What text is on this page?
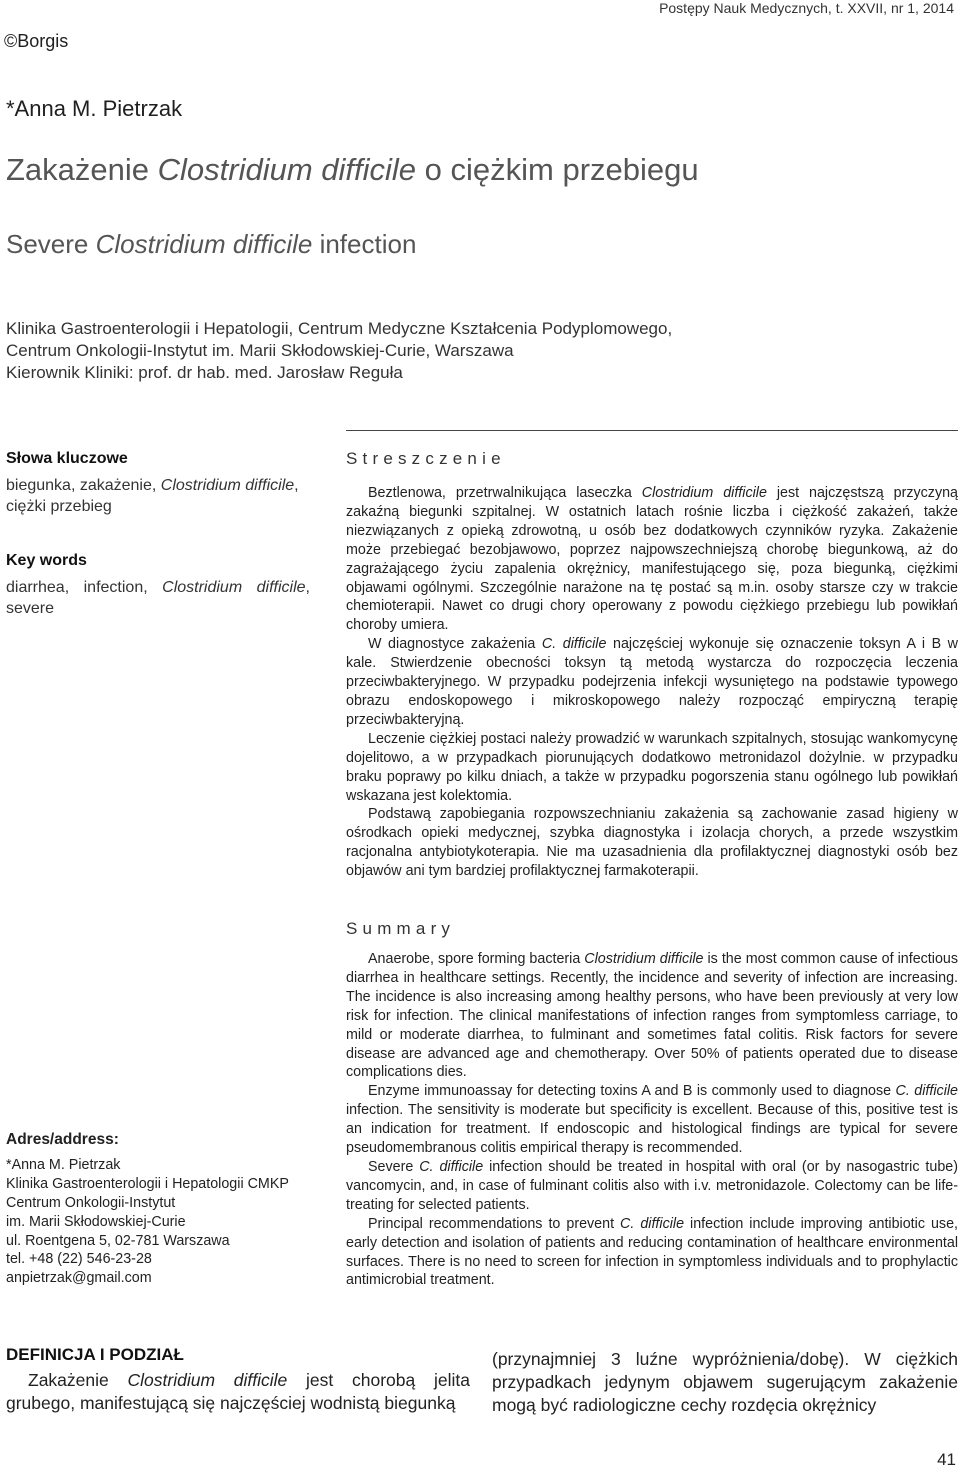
Postępy Nauk Medycznych, t. XXVII, nr 1, 2014
©Borgis
*Anna M. Pietrzak
Zakażenie Clostridium difficile o ciężkim przebiegu
Severe Clostridium difficile infection
Klinika Gastroenterologii i Hepatologii, Centrum Medyczne Kształcenia Podyplomowego,
Centrum Onkologii-Instytut im. Marii Skłodowskiej-Curie, Warszawa
Kierownik Kliniki: prof. dr hab. med. Jarosław Reguła
Słowa kluczowe
biegunka, zakażenie, Clostridium difficile,
ciężki przebieg
Key words
diarrhea, infection, Clostridium difficile,
severe
Streszczenie

Beztlenowa, przetrwalnikująca laseczka Clostridium difficile jest najczęstszą przyczyną zakaźną biegunki szpitalnej. W ostatnich latach rośnie liczba i ciężkość zakażeń, także niezwiązanych z opieką zdrowotną, u osób bez dodatkowych czynników ryzyka. Zakażenie może przebiegać bezobjawowo, poprzez najpowszechniejszą chorobę biegunkową, aż do zagrażającego życiu zapalenia okrężnicy, manifestującego się, poza biegunką, ciężkimi objawami ogólnymi. Szczególnie narażone na tę postać są m.in. osoby starsze czy w trakcie chemioterapii. Nawet co drugi chory operowany z powodu ciężkiego przebiegu lub powikłań choroby umiera.

W diagnostyce zakażenia C. difficile najczęściej wykonuje się oznaczenie toksyn A i B w kale. Stwierdzenie obecności toksyn tą metodą wystarcza do rozpoczęcia leczenia przeciwbakteryjnego. W przypadku podejrzenia infekcji wysuniętego na podstawie typowego obrazu endoskopowego i mikroskopowego należy rozpocząć empiryczną terapię przeciwbakteryjną.

Leczenie ciężkiej postaci należy prowadzić w warunkach szpitalnych, stosując wankomycynę dojelitowo, a w przypadkach piorunujących dodatkowo metronidazol dożylnie. w przypadku braku poprawy po kilku dniach, a także w przypadku pogorszenia stanu ogólnego lub powikłań wskazana jest kolektomia.

Podstawą zapobiegania rozpowszechnianiu zakażenia są zachowanie zasad higieny w ośrodkach opieki medycznej, szybka diagnostyka i izolacja chorych, a przede wszystkim racjonalna antybiotykoterapia. Nie ma uzasadnienia dla profilaktycznej diagnostyki osób bez objawów ani tym bardziej profilaktycznej farmakoterapii.

Summary

Anaerobe, spore forming bacteria Clostridium difficile is the most common cause of infectious diarrhea in healthcare settings. Recently, the incidence and severity of infection are increasing. The incidence is also increasing among healthy persons, who have been previously at very low risk for infection. The clinical manifestations of infection ranges from symptomless carriage, to mild or moderate diarrhea, to fulminant and sometimes fatal colitis. Risk factors for severe disease are advanced age and chemotherapy. Over 50% of patients operated due to disease complications dies.

Enzyme immunoassay for detecting toxins A and B is commonly used to diagnose C. difficile infection. The sensitivity is moderate but specificity is excellent. Because of this, positive test is an indication for treatment. If endoscopic and histological findings are typical for severe pseudomembranous colitis empirical therapy is recommended.

Severe C. difficile infection should be treated in hospital with oral (or by nasogastric tube) vancomycin, and, in case of fulminant colitis also with i.v. metronidazole. Colectomy can be life-treating for selected patients.

Principal recommendations to prevent C. difficile infection include improving antibiotic use, early detection and isolation of patients and reducing contamination of healthcare environmental surfaces. There is no need to screen for infection in symptomless individuals and to prophylactic antimicrobial treatment.

Adres/address:
*Anna M. Pietrzak
Klinika Gastroenterologii i Hepatologii CMKP
Centrum Onkologii-Instytut
im. Marii Skłodowskiej-Curie
ul. Roentgena 5, 02-781 Warszawa
tel. +48 (22) 546-23-28
anpietrzak@gmail.com
DEFINICJA I PODZIAŁ
Zakażenie Clostridium difficile jest chorobą jelita grubego, manifestującą się najczęściej wodnistą biegunką
(przynajmniej 3 luźne wypróżnienia/dobę). W ciężkich przypadkach jedynym objawem sugerującym zakażenie mogą być radiologiczne cechy rozdęcia okrężnicy
41
